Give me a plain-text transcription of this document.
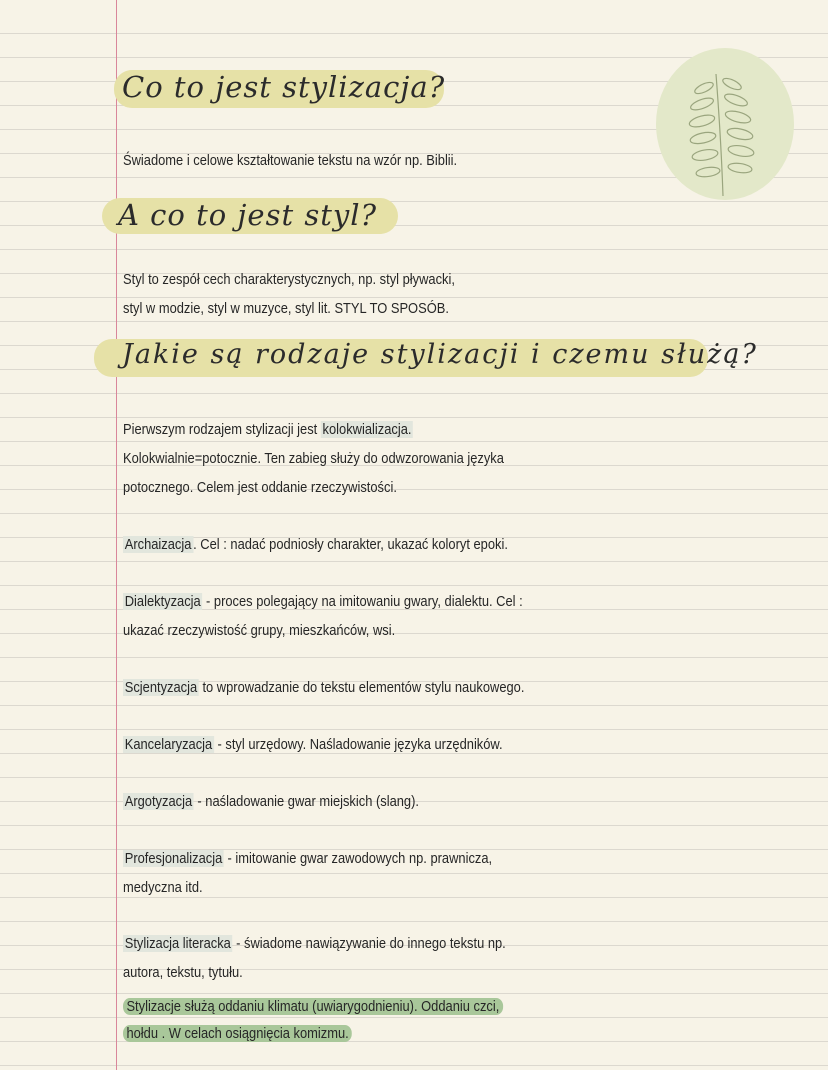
Co to jest stylizacja?
Świadome i celowe kształtowanie tekstu na wzór np. Biblii.
A co to jest styl?
Styl to zespół cech charakterystycznych, np. styl pływacki,
styl w modzie, styl w muzyce, styl lit. STYL TO SPOSÓB.
Jakie są rodzaje stylizacji i czemu służą?
Pierwszym rodzajem stylizacji jest kolokwializacja.
Kolokwialnie=potocznie. Ten zabieg służy do odwzorowania języka
potocznego. Celem jest oddanie rzeczywistości.
Archaizacja . Cel : nadać podniosły charakter, ukazać koloryt epoki.
Dialektyzacja - proces polegający na imitowaniu gwary, dialektu. Cel :
ukazać rzeczywistość grupy, mieszkańców, wsi.
Scjentyzacja to wprowadzanie do tekstu elementów stylu naukowego.
Kancelaryzacja - styl urzędowy. Naśladowanie języka urzędników.
Argotyzacja - naśladowanie gwar miejskich (slang).
Profesjonalizacja - imitowanie gwar zawodowych np. prawnicza,
medyczna itd.
Stylizacja literacka - świadome nawiązywanie do innego tekstu np.
autora, tekstu, tytułu.
Stylizacje służą oddaniu klimatu (uwiarygodnieniu). Oddaniu czci,
hołdu . W celach osiągnięcia komizmu.
